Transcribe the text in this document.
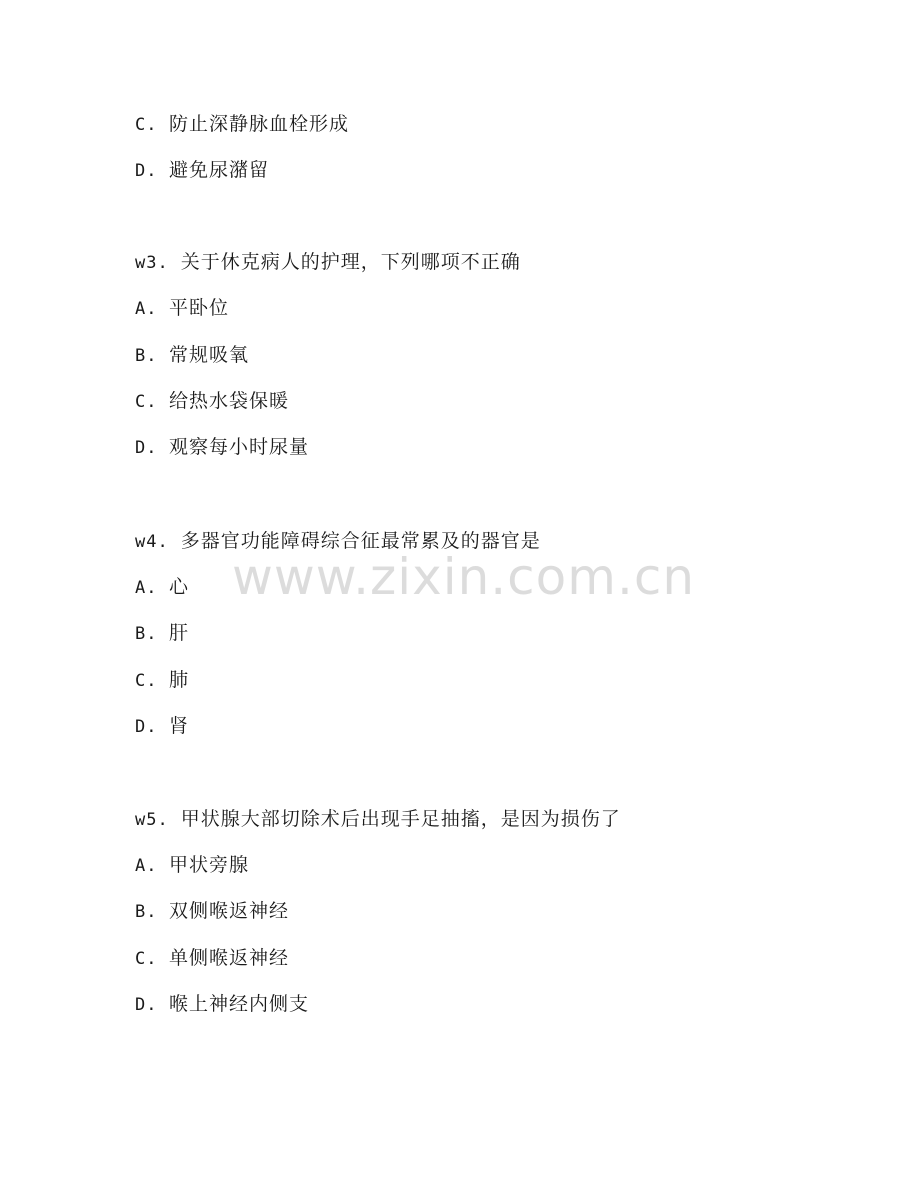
C. 防止深静脉血栓形成
D. 避免尿潴留
w3. 关于休克病人的护理，下列哪项不正确
A. 平卧位
B. 常规吸氧
C. 给热水袋保暖
D. 观察每小时尿量
w4. 多器官功能障碍综合征最常累及的器官是
A. 心
B. 肝
C. 肺
D. 肾
w5. 甲状腺大部切除术后出现手足抽搐，是因为损伤了
A. 甲状旁腺
B. 双侧喉返神经
C. 单侧喉返神经
D. 喉上神经内侧支
www.zixin.com.cn
